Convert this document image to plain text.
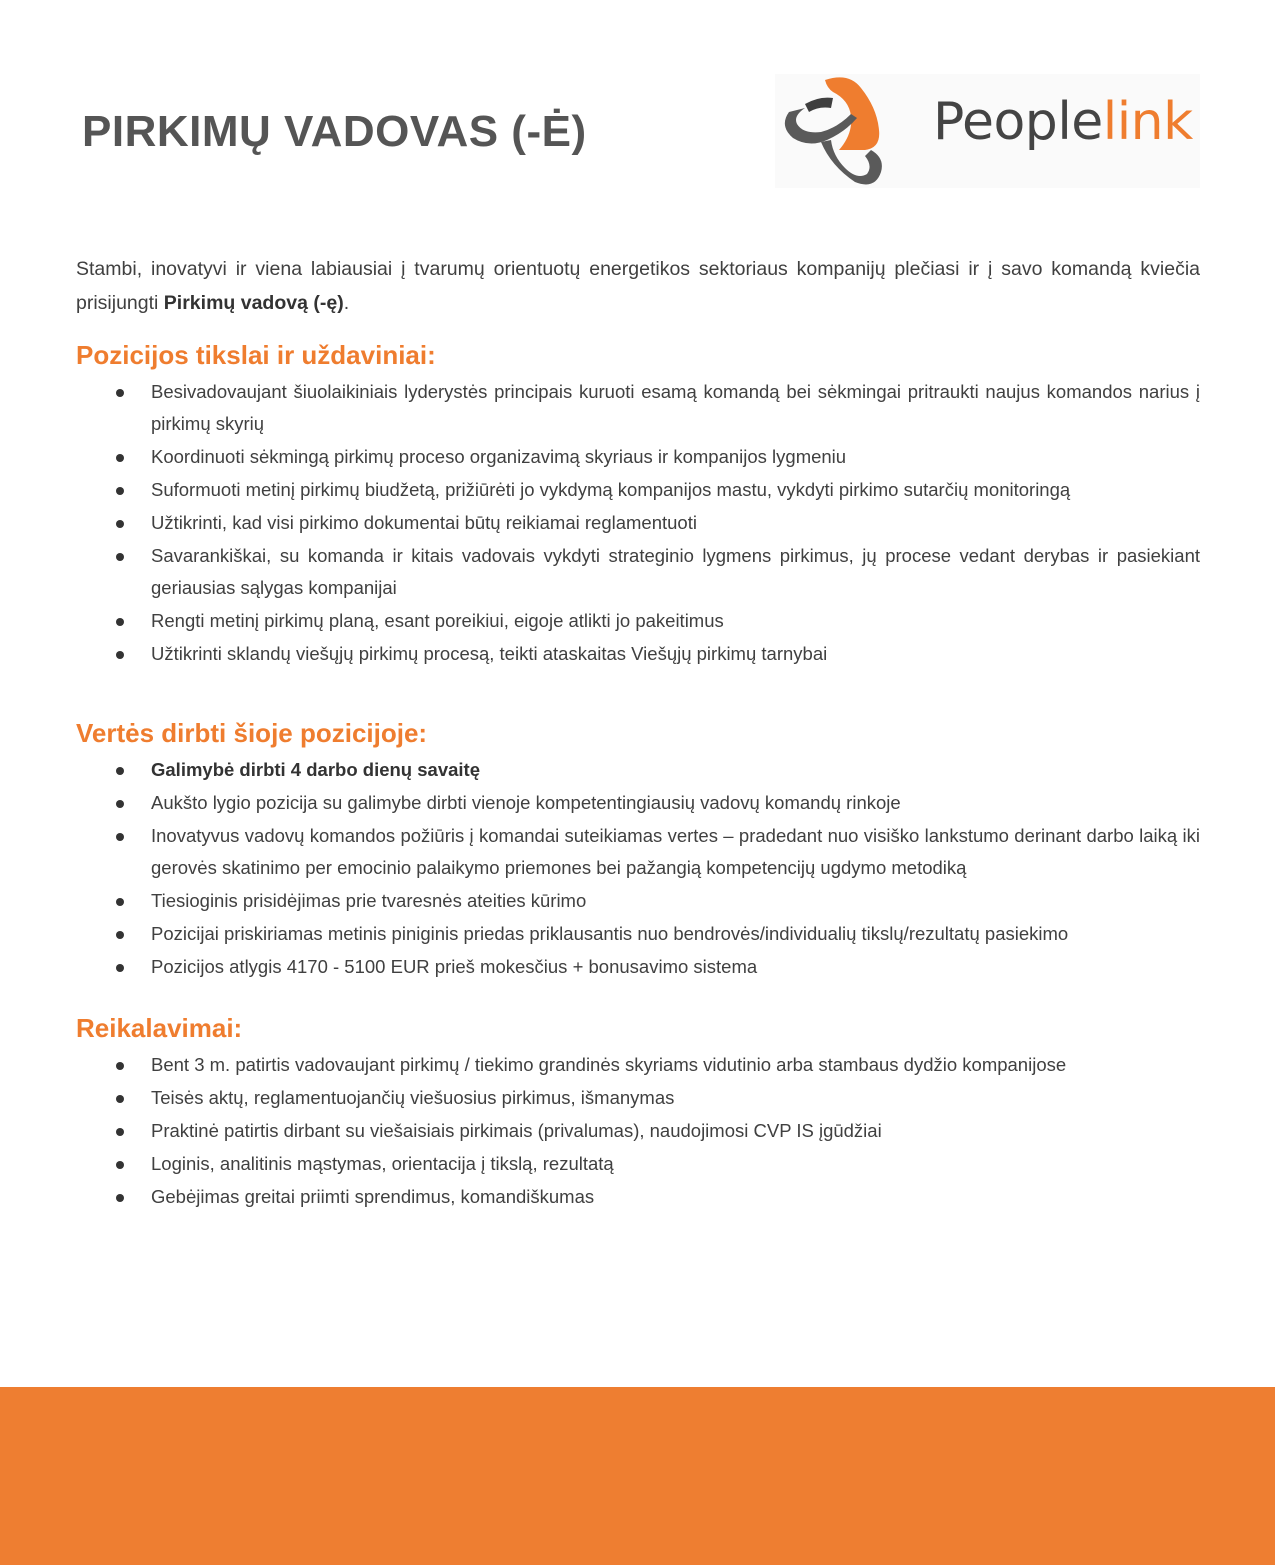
PIRKIMŲ VADOVAS (-Ė)	Peoplelink

Stambi, inovatyvi ir viena labiausiai į tvarumų orientuotų energetikos sektoriaus kompanijų plečiasi ir į savo komandą kviečia prisijungti Pirkimų vadovą (-ę).

Pozicijos tikslai ir uždaviniai:
Besivadovaujant šiuolaikiniais lyderystės principais kuruoti esamą komandą bei sėkmingai pritraukti naujus komandos narius į pirkimų skyrių
Koordinuoti sėkmingą pirkimų proceso organizavimą skyriaus ir kompanijos lygmeniu
Suformuoti metinį pirkimų biudžetą, prižiūrėti jo vykdymą kompanijos mastu, vykdyti pirkimo sutarčių monitoringą
Užtikrinti, kad visi pirkimo dokumentai būtų reikiamai reglamentuoti
Savarankiškai, su komanda ir kitais vadovais vykdyti strateginio lygmens pirkimus, jų procese vedant derybas ir pasiekiant geriausias sąlygas kompanijai
Rengti metinį pirkimų planą, esant poreikiui, eigoje atlikti jo pakeitimus
Užtikrinti sklandų viešųjų pirkimų procesą, teikti ataskaitas Viešųjų pirkimų tarnybai
Vertės dirbti šioje pozicijoje:
Galimybė dirbti 4 darbo dienų savaitę
Aukšto lygio pozicija su galimybe dirbti vienoje kompetentingiausių vadovų komandų rinkoje
Inovatyvus vadovų komandos požiūris į komandai suteikiamas vertes – pradedant nuo visiško lankstumo derinant darbo laiką iki gerovės skatinimo per emocinio palaikymo priemones bei pažangią kompetencijų ugdymo metodiką
Tiesioginis prisidėjimas prie tvaresnės ateities kūrimo
Pozicijai priskiriamas metinis piniginis priedas priklausantis nuo bendrovės/individualių tikslų/rezultatų pasiekimo
Pozicijos atlygis 4170 - 5100 EUR prieš mokesčius + bonusavimo sistema
Reikalavimai:
Bent 3 m. patirtis vadovaujant pirkimų / tiekimo grandinės skyriams vidutinio arba stambaus dydžio kompanijose
Teisės aktų, reglamentuojančių viešuosius pirkimus, išmanymas
Praktinė patirtis dirbant su viešaisiais pirkimais (privalumas), naudojimosi CVP IS įgūdžiai
Loginis, analitinis mąstymas, orientacija į tikslą, rezultatą
Gebėjimas greitai priimti sprendimus, komandiškumas
